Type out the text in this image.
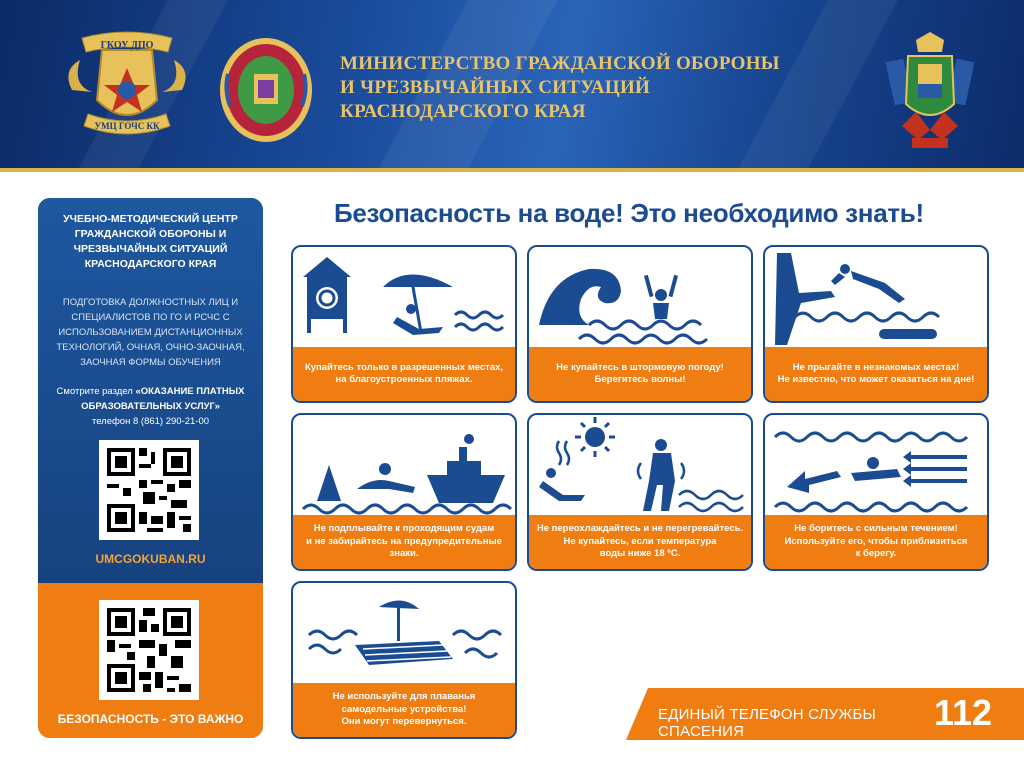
ГКОУ ДПО
УМЦ ГОЧС КК
МИНИСТЕРСТВО ГРАЖДАНСКОЙ ОБОРОНЫ
И ЧРЕЗВЫЧАЙНЫХ СИТУАЦИЙ
КРАСНОДАРСКОГО КРАЯ
УЧЕБНО-МЕТОДИЧЕСКИЙ ЦЕНТР ГРАЖДАНСКОЙ ОБОРОНЫ И ЧРЕЗВЫЧАЙНЫХ СИТУАЦИЙ КРАСНОДАРСКОГО КРАЯ
ПОДГОТОВКА ДОЛЖНОСТНЫХ ЛИЦ И СПЕЦИАЛИСТОВ ПО ГО И РСЧС С ИСПОЛЬЗОВАНИЕМ ДИСТАНЦИОННЫХ ТЕХНОЛОГИЙ, ОЧНАЯ, ОЧНО-ЗАОЧНАЯ, ЗАОЧНАЯ ФОРМЫ ОБУЧЕНИЯ
Смотрите раздел «ОКАЗАНИЕ ПЛАТНЫХ ОБРАЗОВАТЕЛЬНЫХ УСЛУГ»
телефон 8 (861) 290-21-00
UMCGOKUBAN.RU
БЕЗОПАСНОСТЬ - ЭТО ВАЖНО
Безопасность на воде! Это необходимо знать!
Купайтесь только в разрешенных местах,
на благоустроенных пляжах.
Не купайтесь в штормовую погоду!
Берегитесь волны!
Не прыгайте в незнакомых местах!
Не известно, что может оказаться на дне!
Не подплывайте к проходящим судам
и не забирайтесь на предупредительные
знаки.
Не переохлаждайтесь и не перегревайтесь.
Не купайтесь, если температура
воды ниже 18 ºС.
Не боритесь с сильным течением!
Используйте его, чтобы приблизиться
к берегу.
Не используйте для плаванья
самодельные устройства!
Они могут перевернуться.	ЕДИНЫЙ ТЕЛЕФОН СЛУЖБЫ СПАСЕНИЯ	112
